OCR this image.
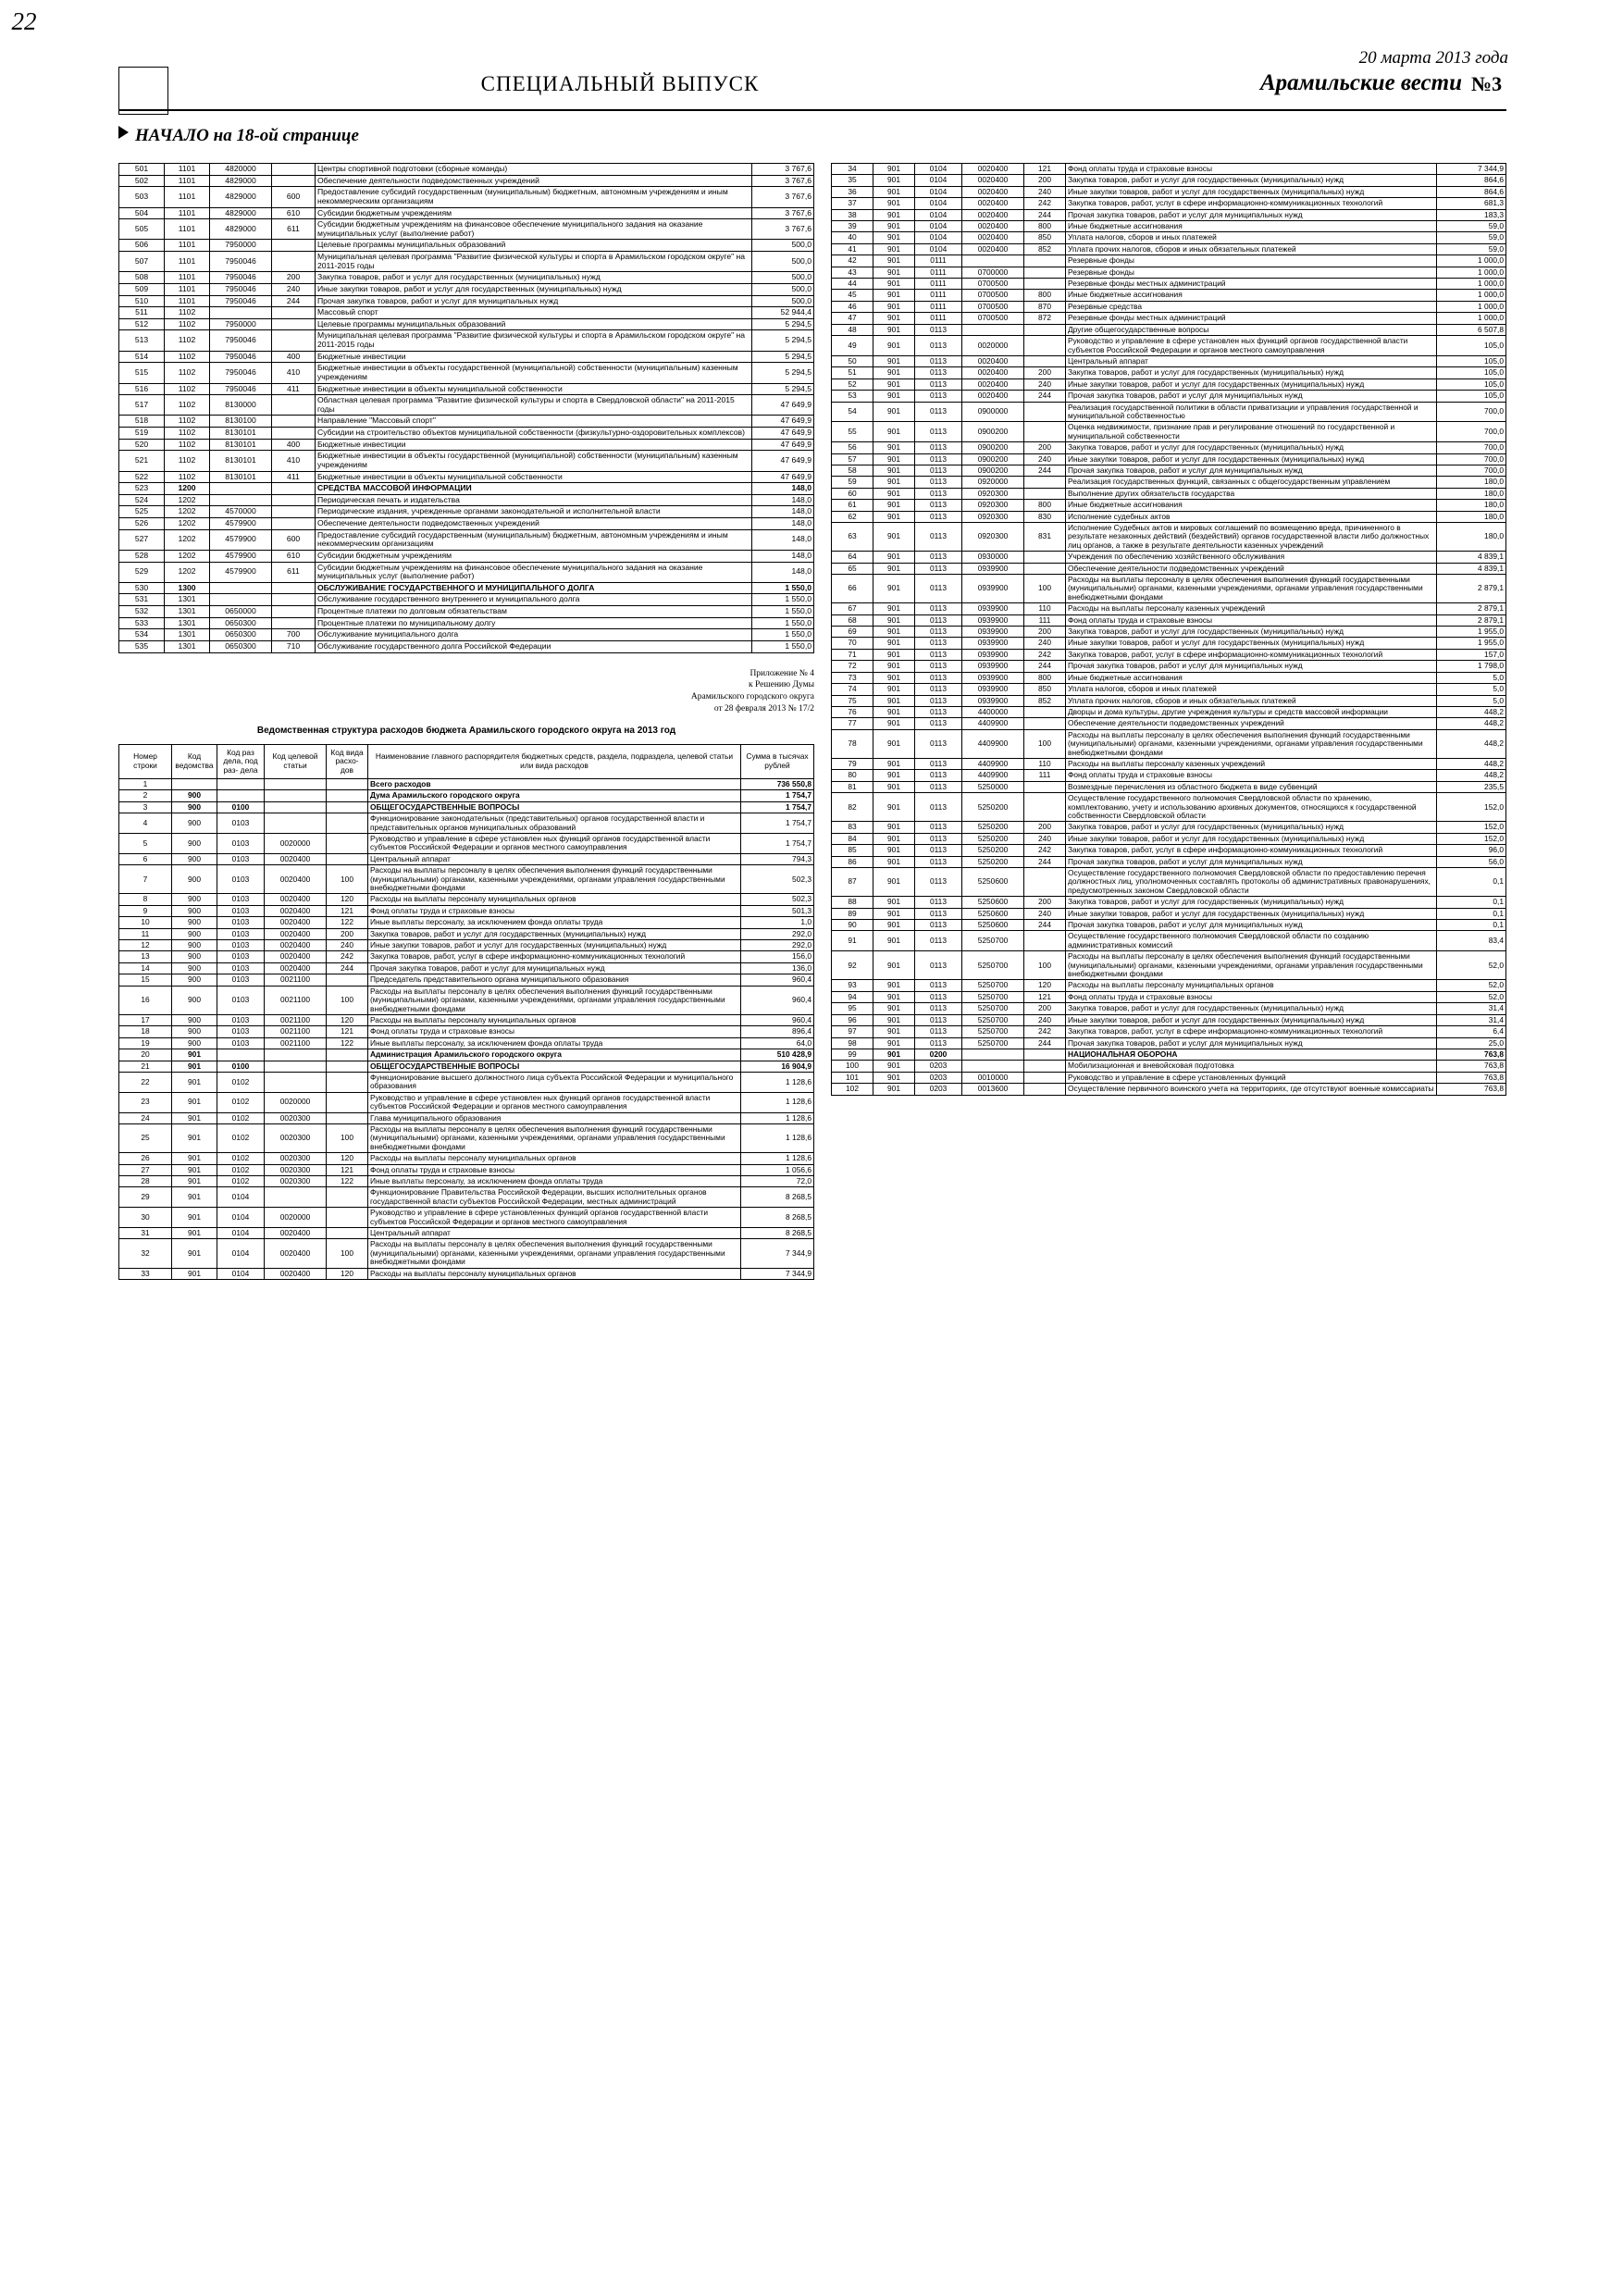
22
СПЕЦИАЛЬНЫЙ ВЫПУСК
20 марта 2013 года
Арамильские вести №3
НАЧАЛО на 18-ой странице
501	1101	4820000		Центры спортивной подготовки (сборные команды)	3 767,6
502	1101	4829000		Обеспечение деятельности подведомственных учреждений	3 767,6
503	1101	4829000	600	Предоставление субсидий государственным (муниципальным) бюджетным, автономным учреждениям и иным некоммерческим организациям	3 767,6
504	1101	4829000	610	Субсидии бюджетным учреждениям	3 767,6
505	1101	4829000	611	Субсидии бюджетным учреждениям на финансовое обеспечение муниципального задания на оказание муниципальных услуг (выполнение работ)	3 767,6
506	1101	7950000		Целевые программы муниципальных образований	500,0
507	1101	7950046		Муниципальная целевая программа "Развитие физической культуры и спорта в Арамильском городском округе" на 2011-2015 годы	500,0
508	1101	7950046	200	Закупка товаров, работ и услуг для государственных (муниципальных) нужд	500,0
509	1101	7950046	240	Иные закупки товаров, работ и услуг для государственных (муниципальных) нужд	500,0
510	1101	7950046	244	Прочая закупка товаров, работ и услуг для муниципальных нужд	500,0
511	1102			Массовый спорт	52 944,4
512	1102	7950000		Целевые программы муниципальных образований	5 294,5
513	1102	7950046		Муниципальная целевая программа "Развитие физической культуры и спорта в Арамильском городском округе" на 2011-2015 годы	5 294,5
514	1102	7950046	400	Бюджетные инвестиции	5 294,5
515	1102	7950046	410	Бюджетные инвестиции в объекты государственной (муниципальной) собственности (муниципальным) казенным учреждениям	5 294,5
516	1102	7950046	411	Бюджетные инвестиции в объекты муниципальной собственности	5 294,5
517	1102	8130000		Областная целевая программа "Развитие физической культуры и спорта в Свердловской области" на 2011-2015 годы	47 649,9
518	1102	8130100		Направление "Массовый спорт"	47 649,9
519	1102	8130101		Субсидии на строительство объектов муниципальной собственности (физкультурно-оздоровительных комплексов)	47 649,9
520	1102	8130101	400	Бюджетные инвестиции	47 649,9
521	1102	8130101	410	Бюджетные инвестиции в объекты государственной (муниципальной) собственности (муниципальным) казенным учреждениям	47 649,9
522	1102	8130101	411	Бюджетные инвестиции в объекты муниципальной собственности	47 649,9
523	1200			СРЕДСТВА МАССОВОЙ ИНФОРМАЦИИ	148,0
524	1202			Периодическая печать и издательства	148,0
525	1202	4570000		Периодические издания, учрежденные органами законодательной и исполнительной власти	148,0
526	1202	4579900		Обеспечение деятельности подведомственных учреждений	148,0
527	1202	4579900	600	Предоставление субсидий государственным (муниципальным) бюджетным, автономным учреждениям и иным некоммерческим организациям	148,0
528	1202	4579900	610	Субсидии бюджетным учреждениям	148,0
529	1202	4579900	611	Субсидии бюджетным учреждениям на финансовое обеспечение муниципального задания на оказание муниципальных услуг (выполнение работ)	148,0
530	1300			ОБСЛУЖИВАНИЕ ГОСУДАРСТВЕННОГО И МУНИЦИПАЛЬНОГО ДОЛГА	1 550,0
531	1301			Обслуживание государственного внутреннего и муниципального долга	1 550,0
532	1301	0650000		Процентные платежи по долговым обязательствам	1 550,0
533	1301	0650300		Процентные платежи по муниципальному долгу	1 550,0
534	1301	0650300	700	Обслуживание муниципального долга	1 550,0
535	1301	0650300	710	Обслуживание государственного долга Российской Федерации	1 550,0
Приложение № 4
к Решению Думы
Арамильского городского округа
от 28 февраля 2013 № 17/2
Ведомственная структура расходов бюджета Арамильского городского округа на 2013 год
Номер строки	Код ведомства	Код раз дела, под раз- дела	Код целевой статьи	Код вида расхо- дов	Наименование главного распорядителя бюджетных средств, раздела, подраздела, целевой статьи или вида расходов	Сумма в тысячах рублей
1					Всего расходов	736 550,8
2	900				Дума Арамильского городского округа	1 754,7
3	900	0100			ОБЩЕГОСУДАРСТВЕННЫЕ ВОПРОСЫ	1 754,7
4	900	0103			Функционирование законодательных (представительных) органов государственной власти и представительных органов муниципальных образований	1 754,7
5	900	0103	0020000		Руководство и управление в сфере установлен ных функций органов государственной власти субъектов Российской Федерации и органов местного самоуправления	1 754,7
6	900	0103	0020400		Центральный аппарат	794,3
7	900	0103	0020400	100	Расходы на выплаты персоналу в целях обеспечения выполнения функций государственными (муниципальными) органами, казенными учреждениями, органами управления государственными внебюджетными фондами	502,3
8	900	0103	0020400	120	Расходы на выплаты персоналу муниципальных органов	502,3
9	900	0103	0020400	121	Фонд оплаты труда и страховые взносы	501,3
10	900	0103	0020400	122	Иные выплаты персоналу, за исключением фонда оплаты труда	1,0
11	900	0103	0020400	200	Закупка товаров, работ и услуг для государственных (муниципальных) нужд	292,0
12	900	0103	0020400	240	Иные закупки товаров, работ и услуг для государственных (муниципальных) нужд	292,0
13	900	0103	0020400	242	Закупка товаров, работ, услуг в сфере информационно-коммуникационных технологий	156,0
14	900	0103	0020400	244	Прочая закупка товаров, работ и услуг для муниципальных нужд	136,0
15	900	0103	0021100		Председатель представительного органа муниципального образования	960,4
16	900	0103	0021100	100	Расходы на выплаты персоналу в целях обеспечения выполнения функций государственными (муниципальными) органами, казенными учреждениями, органами управления государственными внебюджетными фондами	960,4
17	900	0103	0021100	120	Расходы на выплаты персоналу муниципальных органов	960,4
18	900	0103	0021100	121	Фонд оплаты труда и страховые взносы	896,4
19	900	0103	0021100	122	Иные выплаты персоналу, за исключением фонда оплаты труда	64,0
20	901				Администрация Арамильского городского округа	510 428,9
21	901	0100			ОБЩЕГОСУДАРСТВЕННЫЕ ВОПРОСЫ	16 904,9
22	901	0102			Функционирование высшего должностного лица субъекта Российской Федерации и муниципального образования	1 128,6
23	901	0102	0020000		Руководство и управление в сфере установлен ных функций органов государственной власти субъектов Российской Федерации и органов местного самоуправления	1 128,6
24	901	0102	0020300		Глава муниципального образования	1 128,6
25	901	0102	0020300	100	Расходы на выплаты персоналу в целях обеспечения выполнения функций государственными (муниципальными) органами, казенными учреждениями, органами управления государственными внебюджетными фондами	1 128,6
26	901	0102	0020300	120	Расходы на выплаты персоналу муниципальных органов	1 128,6
27	901	0102	0020300	121	Фонд оплаты труда и страховые взносы	1 056,6
28	901	0102	0020300	122	Иные выплаты персоналу, за исключением фонда оплаты труда	72,0
29	901	0104			Функционирование Правительства Российской Федерации, высших исполнительных органов государственной власти субъектов Российской Федерации, местных администраций	8 268,5
30	901	0104	0020000		Руководство и управление в сфере установленных функций органов государственной власти субъектов Российской Федерации и органов местного самоуправления	8 268,5
31	901	0104	0020400		Центральный аппарат	8 268,5
32	901	0104	0020400	100	Расходы на выплаты персоналу в целях обеспечения выполнения функций государственными (муниципальными) органами, казенными учреждениями, органами управления государственными внебюджетными фондами	7 344,9
33	901	0104	0020400	120	Расходы на выплаты персоналу муниципальных органов	7 344,9
34	901	0104	0020400	121	Фонд оплаты труда и страховые взносы	7 344,9
35	901	0104	0020400	200	Закупка товаров, работ и услуг для государственных (муниципальных) нужд	864,6
36	901	0104	0020400	240	Иные закупки товаров, работ и услуг для государственных (муниципальных) нужд	864,6
37	901	0104	0020400	242	Закупка товаров, работ, услуг в сфере информационно-коммуникационных технологий	681,3
38	901	0104	0020400	244	Прочая закупка товаров, работ и услуг для муниципальных нужд	183,3
39	901	0104	0020400	800	Иные бюджетные ассигнования	59,0
40	901	0104	0020400	850	Уплата налогов, сборов и иных платежей	59,0
41	901	0104	0020400	852	Уплата прочих налогов, сборов и иных обязательных платежей	59,0
42	901	0111			Резервные фонды	1 000,0
43	901	0111	0700000		Резервные фонды	1 000,0
44	901	0111	0700500		Резервные фонды местных администраций	1 000,0
45	901	0111	0700500	800	Иные бюджетные ассигнования	1 000,0
46	901	0111	0700500	870	Резервные средства	1 000,0
47	901	0111	0700500	872	Резервные фонды местных администраций	1 000,0
48	901	0113			Другие общегосударственные вопросы	6 507,8
49	901	0113	0020000		Руководство и управление в сфере установлен ных функций органов государственной власти субъектов Российской Федерации и органов местного самоуправления	105,0
50	901	0113	0020400		Центральный аппарат	105,0
51	901	0113	0020400	200	Закупка товаров, работ и услуг для государственных (муниципальных) нужд	105,0
52	901	0113	0020400	240	Иные закупки товаров, работ и услуг для государственных (муниципальных) нужд	105,0
53	901	0113	0020400	244	Прочая закупка товаров, работ и услуг для муниципальных нужд	105,0
54	901	0113	0900000		Реализация государственной политики в области приватизации и управления государственной и муниципальной собственностью	700,0
55	901	0113	0900200		Оценка недвижимости, признание прав и регулирование отношений по государственной и муниципальной собственности	700,0
56	901	0113	0900200	200	Закупка товаров, работ и услуг для государственных (муниципальных) нужд	700,0
57	901	0113	0900200	240	Иные закупки товаров, работ и услуг для государственных (муниципальных) нужд	700,0
58	901	0113	0900200	244	Прочая закупка товаров, работ и услуг для муниципальных нужд	700,0
59	901	0113	0920000		Реализация государственных функций, связанных с общегосударственным управлением	180,0
60	901	0113	0920300		Выполнение других обязательств государства	180,0
61	901	0113	0920300	800	Иные бюджетные ассигнования	180,0
62	901	0113	0920300	830	Исполнение судебных актов	180,0
63	901	0113	0920300	831	Исполнение Судебных актов и мировых соглашений по возмещению вреда, причиненного в результате незаконных действий (бездействий) органов государственной власти либо должностных лиц органов, а также в результате деятельности казенных учреждений	180,0
64	901	0113	0930000		Учреждения по обеспечению хозяйственного обслуживания	4 839,1
65	901	0113	0939900		Обеспечение деятельности подведомственных учреждений	4 839,1
66	901	0113	0939900	100	Расходы на выплаты персоналу в целях обеспечения выполнения функций государственными (муниципальными) органами, казенными учреждениями, органами управления государственными внебюджетными фондами	2 879,1
67	901	0113	0939900	110	Расходы на выплаты персоналу казенных учреждений	2 879,1
68	901	0113	0939900	111	Фонд оплаты труда и страховые взносы	2 879,1
69	901	0113	0939900	200	Закупка товаров, работ и услуг для государственных (муниципальных) нужд	1 955,0
70	901	0113	0939900	240	Иные закупки товаров, работ и услуг для государственных (муниципальных) нужд	1 955,0
71	901	0113	0939900	242	Закупка товаров, работ, услуг в сфере информационно-коммуникационных технологий	157,0
72	901	0113	0939900	244	Прочая закупка товаров, работ и услуг для муниципальных нужд	1 798,0
73	901	0113	0939900	800	Иные бюджетные ассигнования	5,0
74	901	0113	0939900	850	Уплата налогов, сборов и иных платежей	5,0
75	901	0113	0939900	852	Уплата прочих налогов, сборов и иных обязательных платежей	5,0
76	901	0113	4400000		Дворцы и дома культуры, другие учреждения культуры и средств массовой информации	448,2
77	901	0113	4409900		Обеспечение деятельности подведомственных учреждений	448,2
78	901	0113	4409900	100	Расходы на выплаты персоналу в целях обеспечения выполнения функций государственными (муниципальными) органами, казенными учреждениями, органами управления государственными внебюджетными фондами	448,2
79	901	0113	4409900	110	Расходы на выплаты персоналу казенных учреждений	448,2
80	901	0113	4409900	111	Фонд оплаты труда и страховые взносы	448,2
81	901	0113	5250000		Возмездные перечисления из областного бюджета в виде субвенций	235,5
82	901	0113	5250200		Осуществление государственного полномочия Свердловской области по хранению, комплектованию, учету и использованию архивных документов, относящихся к государственной собственности Свердловской области	152,0
83	901	0113	5250200	200	Закупка товаров, работ и услуг для государственных (муниципальных) нужд	152,0
84	901	0113	5250200	240	Иные закупки товаров, работ и услуг для государственных (муниципальных) нужд	152,0
85	901	0113	5250200	242	Закупка товаров, работ, услуг в сфере информационно-коммуникационных технологий	96,0
86	901	0113	5250200	244	Прочая закупка товаров, работ и услуг для муниципальных нужд	56,0
87	901	0113	5250600		Осуществление государственного полномочия Свердловской области по предоставлению перечня должностных лиц, уполномоченных составлять протоколы об административных правонарушениях, предусмотренных законом Свердловской области	0,1
88	901	0113	5250600	200	Закупка товаров, работ и услуг для государственных (муниципальных) нужд	0,1
89	901	0113	5250600	240	Иные закупки товаров, работ и услуг для государственных (муниципальных) нужд	0,1
90	901	0113	5250600	244	Прочая закупка товаров, работ и услуг для муниципальных нужд	0,1
91	901	0113	5250700		Осуществление государственного полномочия Свердловской области по созданию административных комиссий	83,4
92	901	0113	5250700	100	Расходы на выплаты персоналу в целях обеспечения выполнения функций государственными (муниципальными) органами, казенными учреждениями, органами управления государственными внебюджетными фондами	52,0
93	901	0113	5250700	120	Расходы на выплаты персоналу муниципальных органов	52,0
94	901	0113	5250700	121	Фонд оплаты труда и страховые взносы	52,0
95	901	0113	5250700	200	Закупка товаров, работ и услуг для государственных (муниципальных) нужд	31,4
96	901	0113	5250700	240	Иные закупки товаров, работ и услуг для государственных (муниципальных) нужд	31,4
97	901	0113	5250700	242	Закупка товаров, работ, услуг в сфере информационно-коммуникационных технологий	6,4
98	901	0113	5250700	244	Прочая закупка товаров, работ и услуг для муниципальных нужд	25,0
99	901	0200			НАЦИОНАЛЬНАЯ ОБОРОНА	763,8
100	901	0203			Мобилизационная и вневойсковая подготовка	763,8
101	901	0203	0010000		Руководство и управление в сфере установленных функций	763,8
102	901	0203	0013600		Осуществление первичного воинского учета на территориях, где отсутствуют военные комиссариаты	763,8
